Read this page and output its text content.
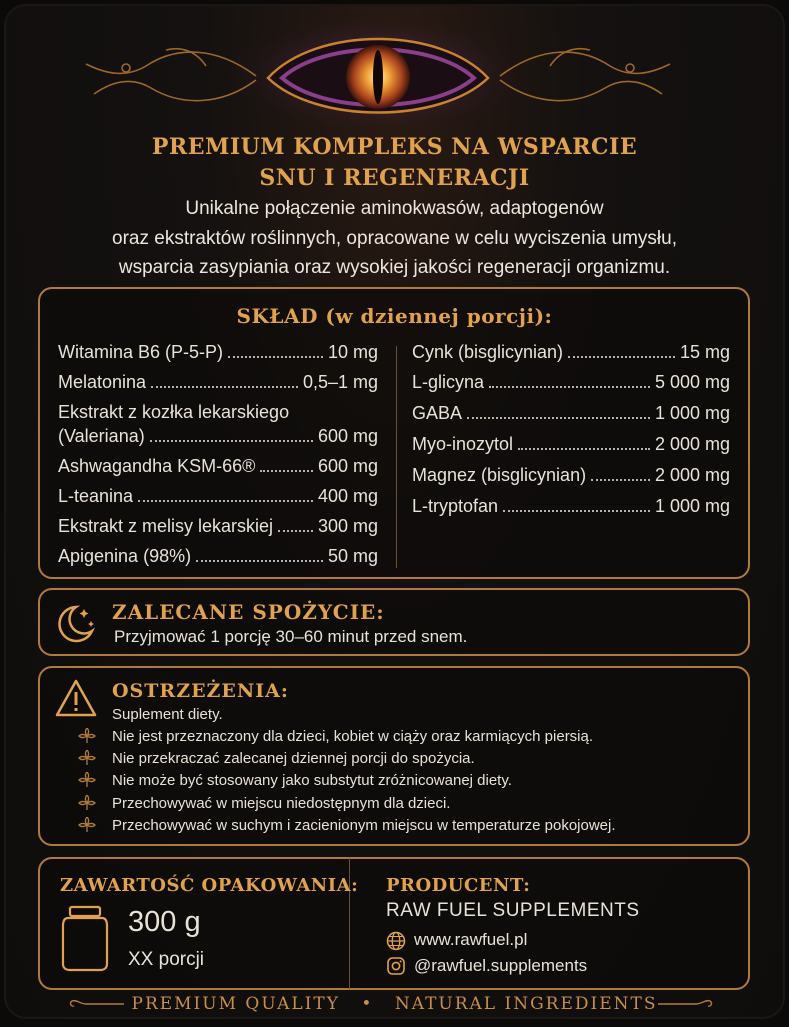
PREMIUM KOMPLEKS NA WSPARCIE
SNU I REGENERACJI
Unikalne połączenie aminokwasów, adaptogenów
oraz ekstraktów roślinnych, opracowane w celu wyciszenia umysłu,
wsparcia zasypiania oraz wysokiej jakości regeneracji organizmu.
SKŁAD (w dziennej porcji):
Witamina B6 (P-5-P)	10 mg
Melatonina	0,5–1 mg
Ekstrakt z kozłka lekarskiego
(Valeriana)	600 mg
Ashwagandha KSM-66®	600 mg
L-teanina	400 mg
Ekstrakt z melisy lekarskiej 300 mg
Apigenina (98%)	50 mg
Cynk (bisglicynian)	15 mg
L-glicyna	5 000 mg
GABA	1 000 mg
Myo-inozytol	2 000 mg
Magnez (bisglicynian)	2 000 mg
L-tryptofan	1 000 mg
ZALECANE SPOŻYCIE:
Przyjmować 1 porcję 30–60 minut przed snem.
OSTRZEŻENIA:
Suplement diety.
Nie jest przeznaczony dla dzieci, kobiet w ciąży oraz karmiących piersią.
Nie przekraczać zalecanej dziennej porcji do spożycia.
Nie może być stosowany jako substytut zróżnicowanej diety.
Przechowywać w miejscu niedostępnym dla dzieci.
Przechowywać w suchym i zacienionym miejscu w temperaturze pokojowej.
ZAWARTOŚĆ OPAKOWANIA:
300 g
XX porcji
PRODUCENT:
RAW FUEL SUPPLEMENTS
www.rawfuel.pl
@rawfuel.supplements
PREMIUM QUALITY • NATURAL INGREDIENTS
